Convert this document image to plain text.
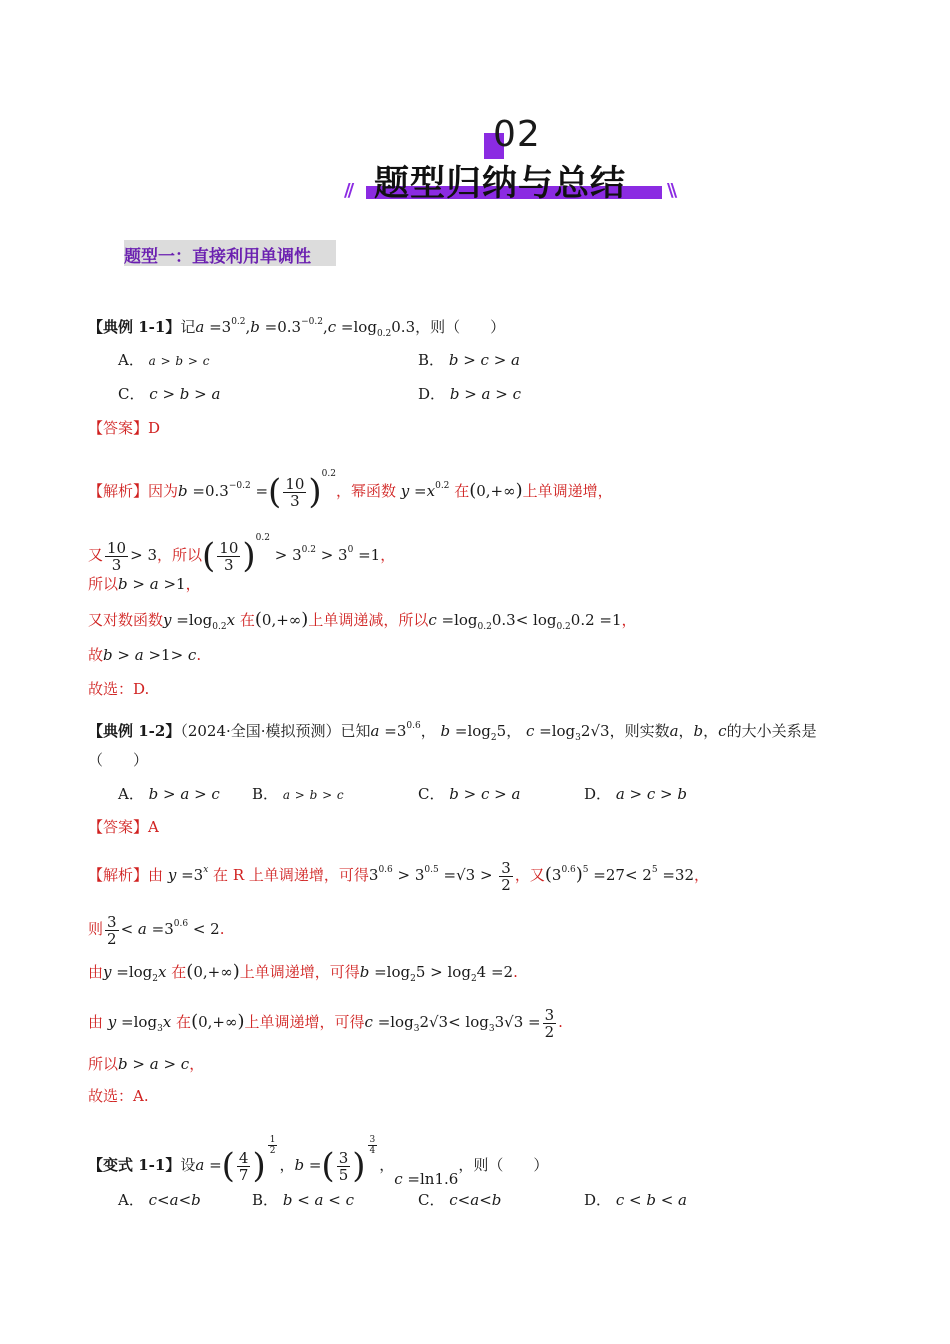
02
题型归纳与总结
//	\\
题型一：直接利用单调性
【典例 1-1】记$a =3^{0.2},b =0.3^{-0.2},c =\log_{0.2}0.3$，则（　　）
A． a > b > c	B． b > c > a
C． c > b > a	D． b > a > c
【答案】D
【解析】因为$b =0.3^{-0.2}$ =( $\frac{10}{3} )^{0.2}$，幂函数 $y =x^{0.2}$ 在(0,+∞)上单调递增，
又 $\frac{10}{3} > 3$，所以( $\frac{10}{3} )^{0.2} > 3^{0.2} > 3^0 =1$，
所以b > a >1，
又对数函数$y =\log_{0.2}x$ 在(0,+∞)上单调递减，所以$c =\log_{0.2}0.3< \log_{0.2}0.2 =1$，
故b > a >1> c.
故选：D.
【典例 1-2】（2024·全国·模拟预测）已知$a =3^{0.6}$， $b =\log_25$， $c =\log_32√3$，则实数a，b，c的大小关系是
（　　）
A． b > a > c B． a > b > c	C． b > c > a	D． a > c > b
【答案】A
【解析】由 $y =3^x$ 在 R 上单调递增，可得$3^{0.6} > 3^{0.5} =√3 > \frac{3}{2}$ ，又$(3^{0.6})^5 =27< 2^5 =32$，
则 $\frac{3}{2} < a =3^{0.6} < 2$.
由$y =\log_2x$ 在(0,+∞)上单调递增，可得$b =\log_25 > \log_24 =2$.
由 $y =\log_3x$ 在(0,+∞)上单调递增，可得$c =\log_32√3< \log_33√3 = \frac{3}{2}$ .
所以b > a > c，
故选：A.
【变式 1-1】设a =( $\frac{4}{7}$ )
$^{\frac{1}{2}}$
，b =( $\frac{3}{5}$ )
$^{\frac{3}{4}}$
，c =ln1.6，则（　　）
A． c<a<b	B． b < a < c	C． c<a<b	D． c < b < a
